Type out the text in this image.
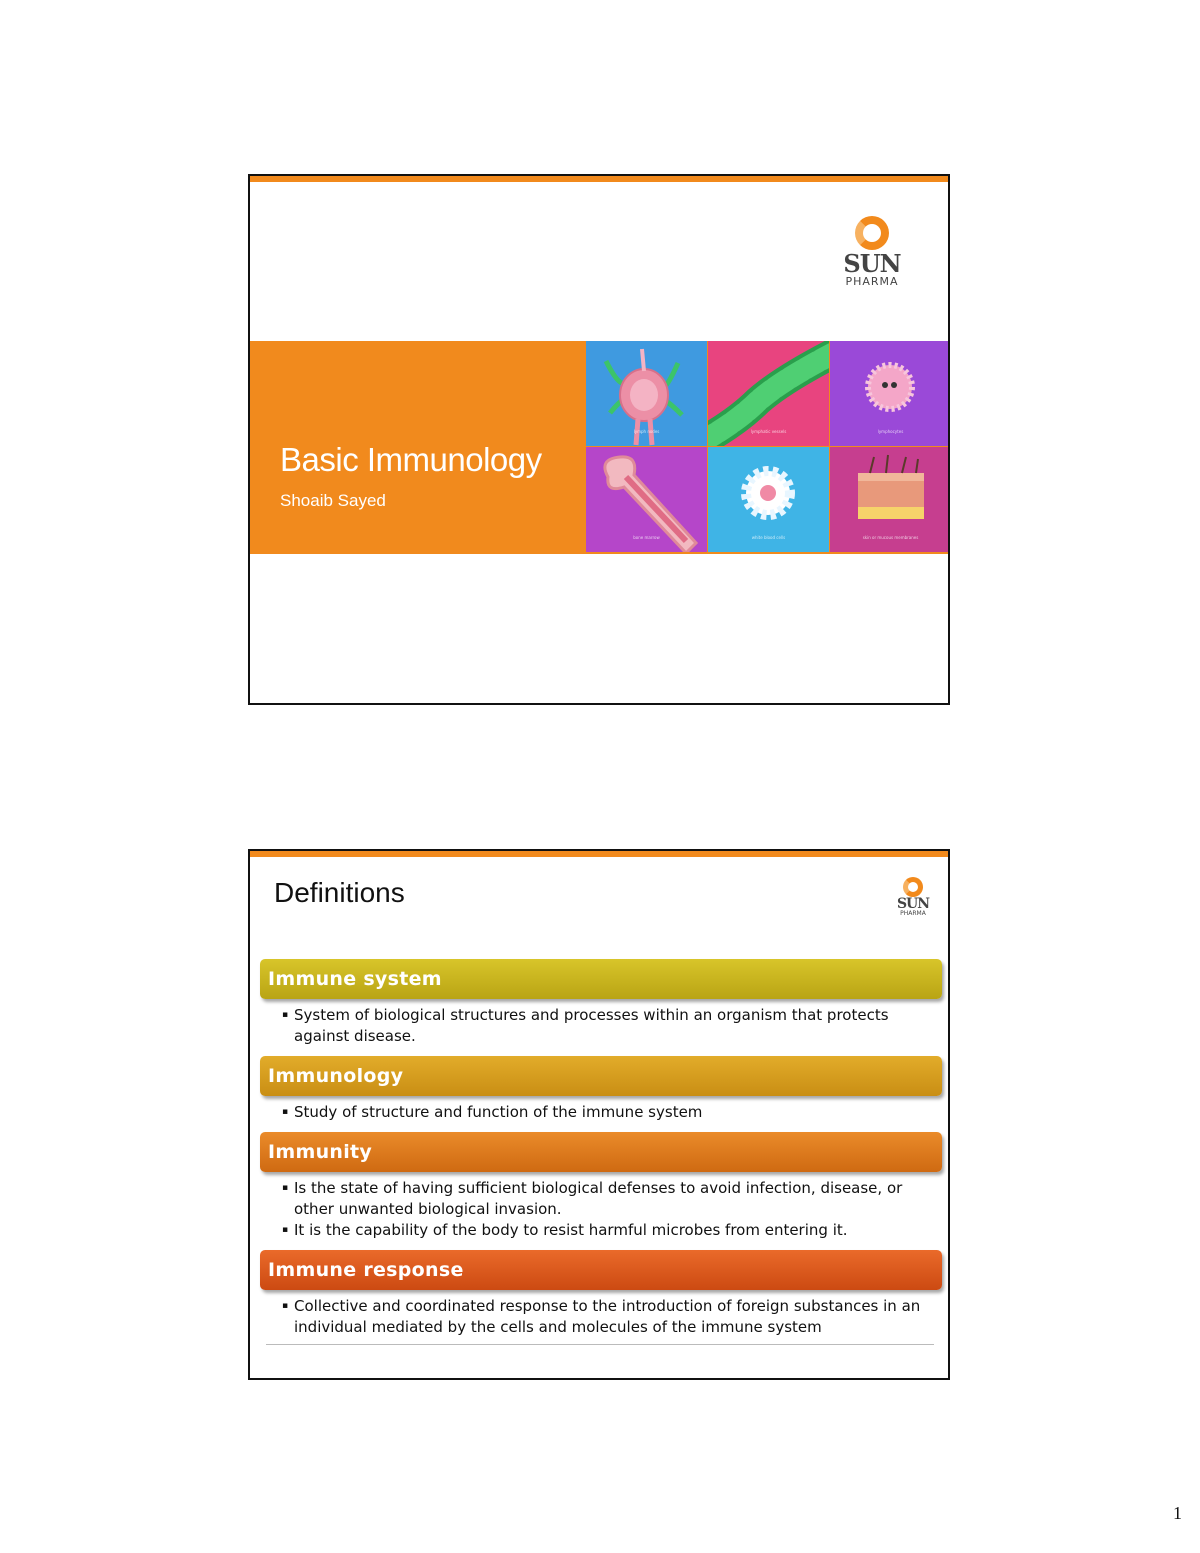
SUN
PHARMA
Basic Immunology
Shoaib Sayed
lymph nodes	lymphatic vessels	lymphocytes
bone marrow	white blood cells	skin or mucous membranes
Definitions	SUN
PHARMA
Immune system
▪ System of biological structures and processes within an organism that protects against disease.
Immunology
▪ Study of structure and function of the immune system
Immunity
▪ Is the state of having sufficient biological defenses to avoid infection, disease, or other unwanted biological invasion.
▪ It is the capability of the body to resist harmful microbes from entering it.
Immune response
▪ Collective and coordinated response to the introduction of foreign substances in an individual mediated by the cells and molecules of the immune system
1
